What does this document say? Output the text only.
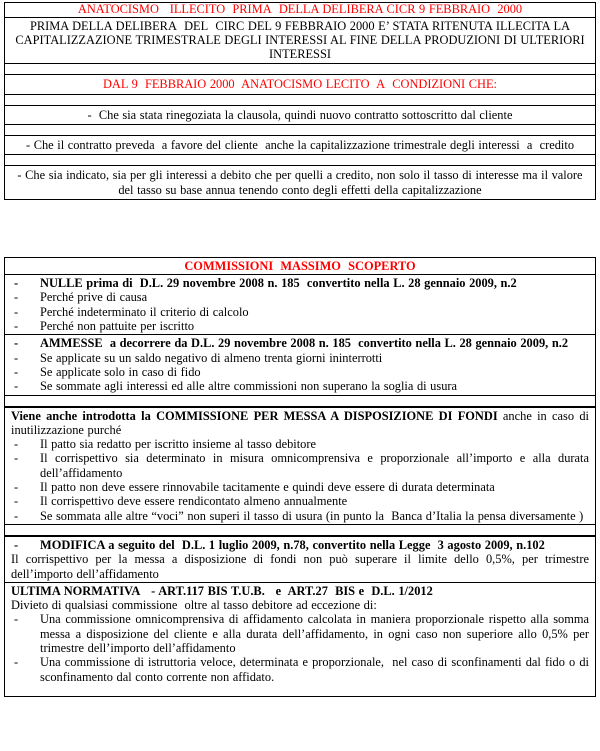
ANATOCISMO   ILLECITO  PRIMA  DELLA DELIBERA CICR 9 FEBBRAIO  2000
PRIMA DELLA DELIBERA  DEL  CIRC DEL 9 FEBBRAIO 2000 E’ STATA RITENUTA ILLECITA LA CAPITALIZZAZIONE TRIMESTRALE DEGLI INTERESSI AL FINE DELLA PRODUZIONI DI ULTERIORI INTERESSI

DAL 9  FEBBRAIO 2000  ANATOCISMO LECITO  A  CONDIZIONI CHE:

-  Che sia stata rinegoziata la clausola, quindi nuovo contratto sottoscritto dal cliente

- Che il contratto preveda  a favore del cliente  anche la capitalizzazione trimestrale degli interessi  a  credito

- Che sia indicato, sia per gli interessi a debito che per quelli a credito, non solo il tasso di interesse ma il valore del tasso su base annua tenendo conto degli effetti della capitalizzazione
COMMISSIONI  MASSIMO  SCOPERTO

- NULLE prima di  D.L. 29 novembre 2008 n. 185  convertito nella L. 28 gennaio 2009, n.2
- Perché prive di causa
- Perché indeterminato il criterio di calcolo
- Perché non pattuite per iscritto

- AMMESSE  a decorrere da D.L. 29 novembre 2008 n. 185  convertito nella L. 28 gennaio 2009, n.2
- Se applicate su un saldo negativo di almeno trenta giorni ininterrotti
- Se applicate solo in caso di fido
- Se sommate agli interessi ed alle altre commissioni non superano la soglia di usura

Viene anche introdotta la COMMISSIONE PER MESSA A DISPOSIZIONE DI FONDI anche in caso di inutilizzazione purché
- Il patto sia redatto per iscritto insieme al tasso debitore
- Il corrispettivo sia determinato in misura omnicomprensiva e proporzionale all’importo e alla durata dell’affidamento
- Il patto non deve essere rinnovabile tacitamente e quindi deve essere di durata determinata
- Il corrispettivo deve essere rendicontato almeno annualmente
- Se sommata alle altre “voci” non superi il tasso di usura (in punto la  Banca d’Italia la pensa diversamente )

- MODIFICA a seguito del  D.L. 1 luglio 2009, n.78, convertito nella Legge  3 agosto 2009, n.102
Il corrispettivo per la messa a disposizione di fondi non può superare il limite dello 0,5%, per trimestre dell’importo dell’affidamento

ULTIMA NORMATIVA   - ART.117 BIS T.U.B.   e  ART.27  BIS e  D.L. 1/2012
Divieto di qualsiasi commissione  oltre al tasso debitore ad eccezione di:
- Una commissione omnicomprensiva di affidamento calcolata in maniera proporzionale rispetto alla somma messa a disposizione del cliente e alla durata dell’affidamento, in ogni caso non superiore allo 0,5% per trimestre dell’importo dell’affidamento
- Una commissione di istruttoria veloce, determinata e proporzionale,  nel caso di sconfinamenti dal fido o di sconfinamento dal conto corrente non affidato.
